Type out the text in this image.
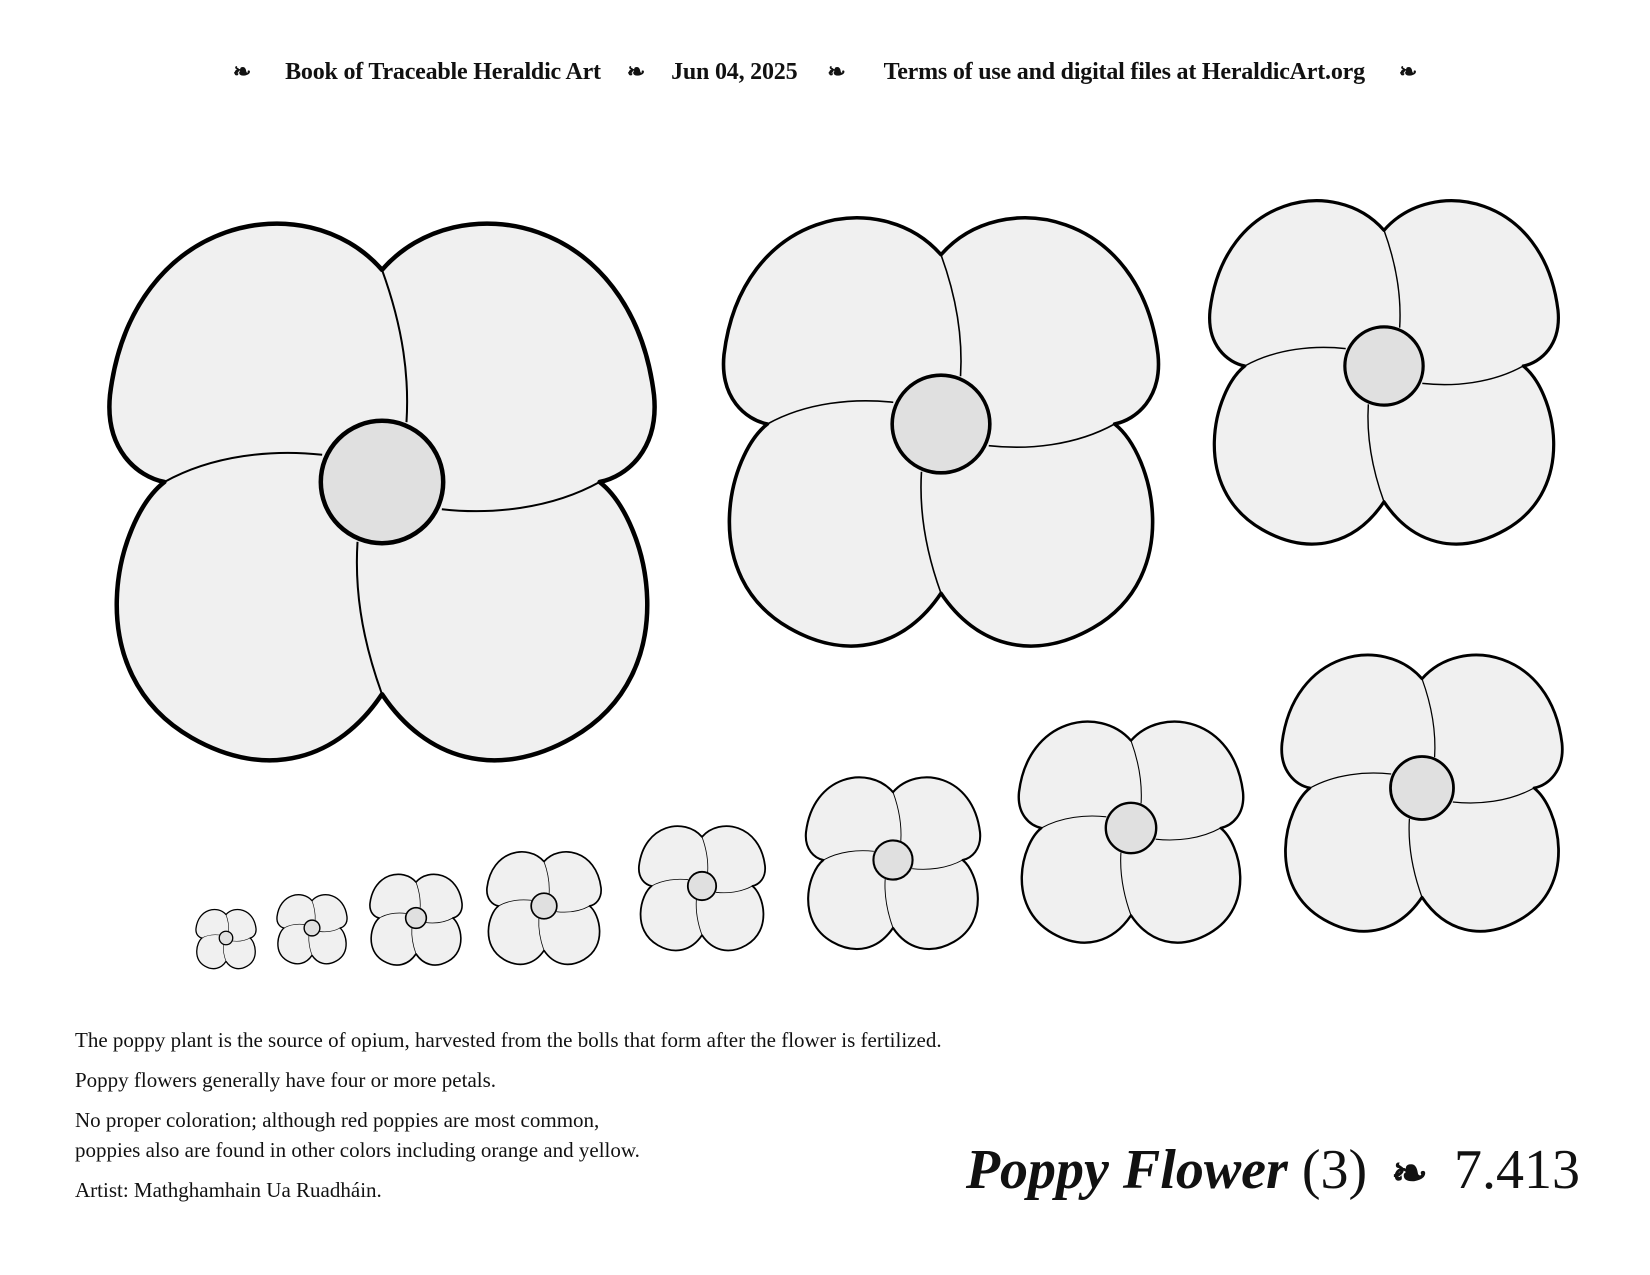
❧ Book of Traceable Heraldic Art ❧ Jun 04, 2025 ❧ Terms of use and digital files at HeraldicArt.org ❧

The poppy plant is the source of opium, harvested from the bolls that form after the flower is fertilized.

Poppy flowers generally have four or more petals.

No proper coloration; although red poppies are most common,

poppies also are found in other colors including orange and yellow.

Artist: Mathghamhain Ua Ruadháin.	Poppy Flower (3) ❧ 7.413
